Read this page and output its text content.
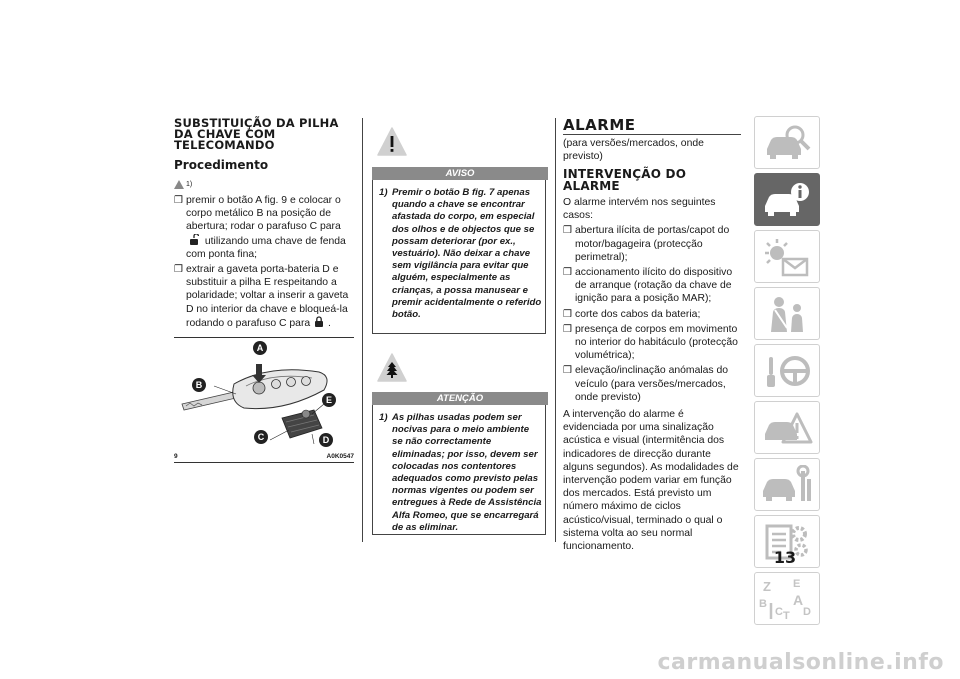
SUBSTITUIÇÃO DA PILHA DA CHAVE COM TELECOMANDO
Procedimento
1)
❒ premir o botão A fig. 9 e colocar o corpo metálico B na posição de abertura; rodar o parafuso C para  utilizando uma chave de fenda com ponta fina;
❒ extrair a gaveta porta-bateria D e substituir a pilha E respeitando a polaridade; voltar a inserir a gaveta D no interior da chave e bloqueá-la rodando o parafuso C para .
A
B
E
C	D
9	A0K0547
AVISO
1) Premir o botão B fig. 7 apenas quando a chave se encontrar afastada do corpo, em especial dos olhos e de objectos que se possam deteriorar (por ex., vestuário). Não deixar a chave sem vigilância para evitar que alguém, especialmente as crianças, a possa manusear e premir acidentalmente o referido botão.
ATENÇÃO
1) As pilhas usadas podem ser nocivas para o meio ambiente se não correctamente eliminadas; por isso, devem ser colocadas nos contentores adequados como previsto pelas normas vigentes ou podem ser entregues à Rede de Assistência Alfa Romeo, que se encarregará de as eliminar.
ALARME
(para versões/mercados, onde previsto)
INTERVENÇÃO DO ALARME
O alarme intervém nos seguintes casos:
❒ abertura ilícita de portas/capot do motor/bagageira (protecção perimetral);
❒ accionamento ilícito do dispositivo de arranque (rotação da chave de ignição para a posição MAR);
❒ corte dos cabos da bateria;
❒ presença de corpos em movimento no interior do habitáculo (protecção volumétrica);
❒ elevação/inclinação anómalas do veículo (para versões/mercados, onde previsto)
A intervenção do alarme é evidenciada por uma sinalização acústica e visual (intermitência dos indicadores de direcção durante alguns segundos). As modalidades de intervenção podem variar em função dos mercados. Está previsto um número máximo de ciclos acústico/visual, terminado o qual o sistema volta ao seu normal funcionamento.
Z E
B A
C T D
13
carmanualsonline.info
